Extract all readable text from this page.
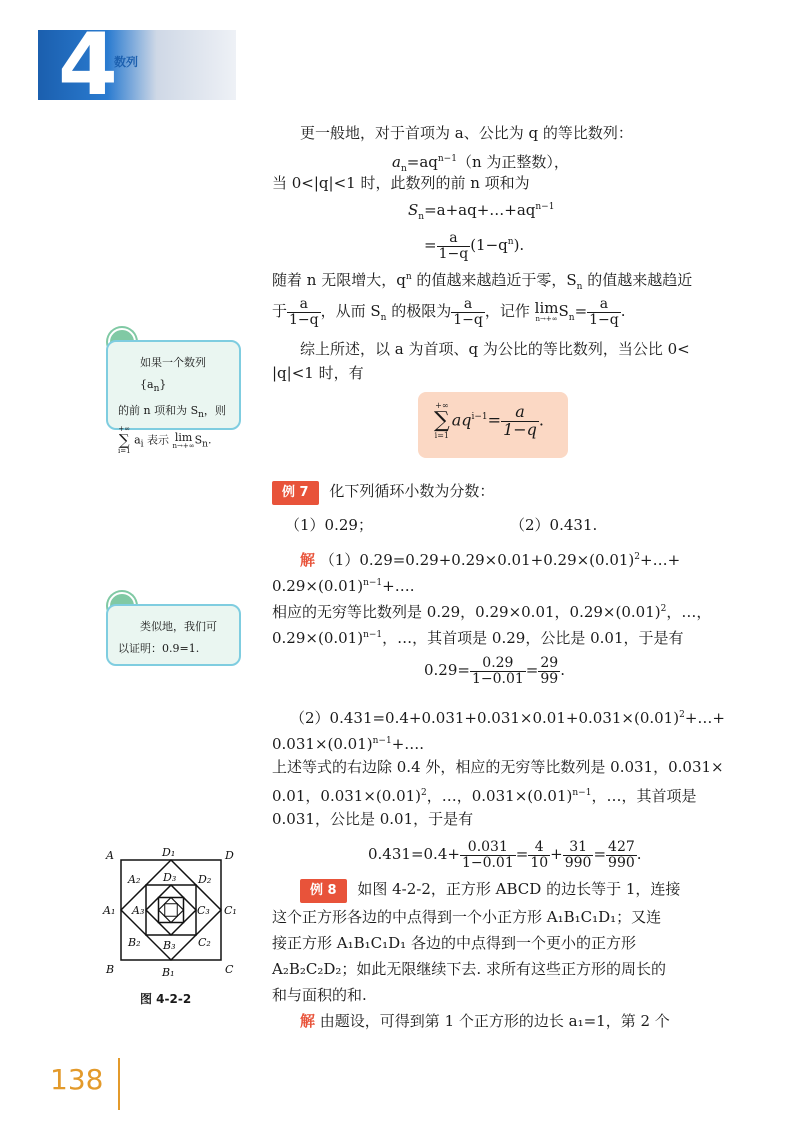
4
数列
更一般地，对于首项为 a、公比为 q 的等比数列：
$a_n=aq^{n-1}(n$ 为正整数），
当 0<|q|<1 时，此数列的前 n 项和为
$S_n=a+aq+\dots+aq^{n-1}$
= $\frac{a}{1-q} (1-q^n)$.
随着 n 无限增大，$q^n$ 的值越来越趋近于零，$S_n$ 的值越来越趋近
于 $\frac{a}{1-q}$ ，从而 $S_n$ 的极限为 $\frac{a}{1-q}$ ，记作 lim
n→+∞ $S_n= \frac{a}{1-q}$ .
综上所述，以 a 为首项、q 为公比的等比数列，当公比 0<
|q|<1 时，有
+∞
∑
i=1
$aq^{i-1}= \frac{a}{1-q}$ .
如果一个数列$\{a_n\}$
的前 n 项和为 $S_n$，则
+∞
∑
i=1
$a_i$ 表示 lim
n→+∞ $S_n$.
例 7 化下列循环小数为分数：
（1）0.29；	（2）0.431.
解 $(1)0.29=0.29+0.29\times 0.01+0.29\times(0.01)^2+\dots+$
$0.29\times(0.01)^{n-1}+\dots$.
相应的无穷等比数列是 0.29，0.29×0.01，$0.29\times(0.01)^2$，…，
$0.29\times(0.01)^{n-1}$，…，其首项是 0.29，公比是 0.01，于是有
$0.29= \frac{0.29}{1-0.01} = \frac{29}{99}$ .
类似地，我们可
以证明：0.9=1.
$(2)0.431=0.4+0.031+0.031\times 0.01+0.031\times(0.01)^2+\dots+$
$0.031\times(0.01)^{n-1}+\dots$.
上述等式的右边除 0.4 外，相应的无穷等比数列是 0.031，0.031×
0.01，$0.031\times(0.01)^2$，…，$0.031\times(0.01)^{n-1}$，…，其首项是
0.031，公比是 0.01，于是有
$0.431=0.4+ \frac{0.031}{1-0.01} = \frac{4}{10} + \frac{31}{990} = \frac{427}{990}$ .
例 8 如图 4-2-2，正方形 ABCD 的边长等于 1，连接
这个正方形各边的中点得到一个小正方形 A₁B₁C₁D₁；又连
接正方形 A₁B₁C₁D₁ 各边的中点得到一个更小的正方形
A₂B₂C₂D₂；如此无限继续下去. 求所有这些正方形的周长的
和与面积的和.
解 由题设，可得到第 1 个正方形的边长 a₁=1，第 2 个
A	D
B	C
D₁
B₁
A₁	C₁
A₂	D₂
B₂	C₂
D₃
B₃
A₃	C₃
图 4-2-2
138
